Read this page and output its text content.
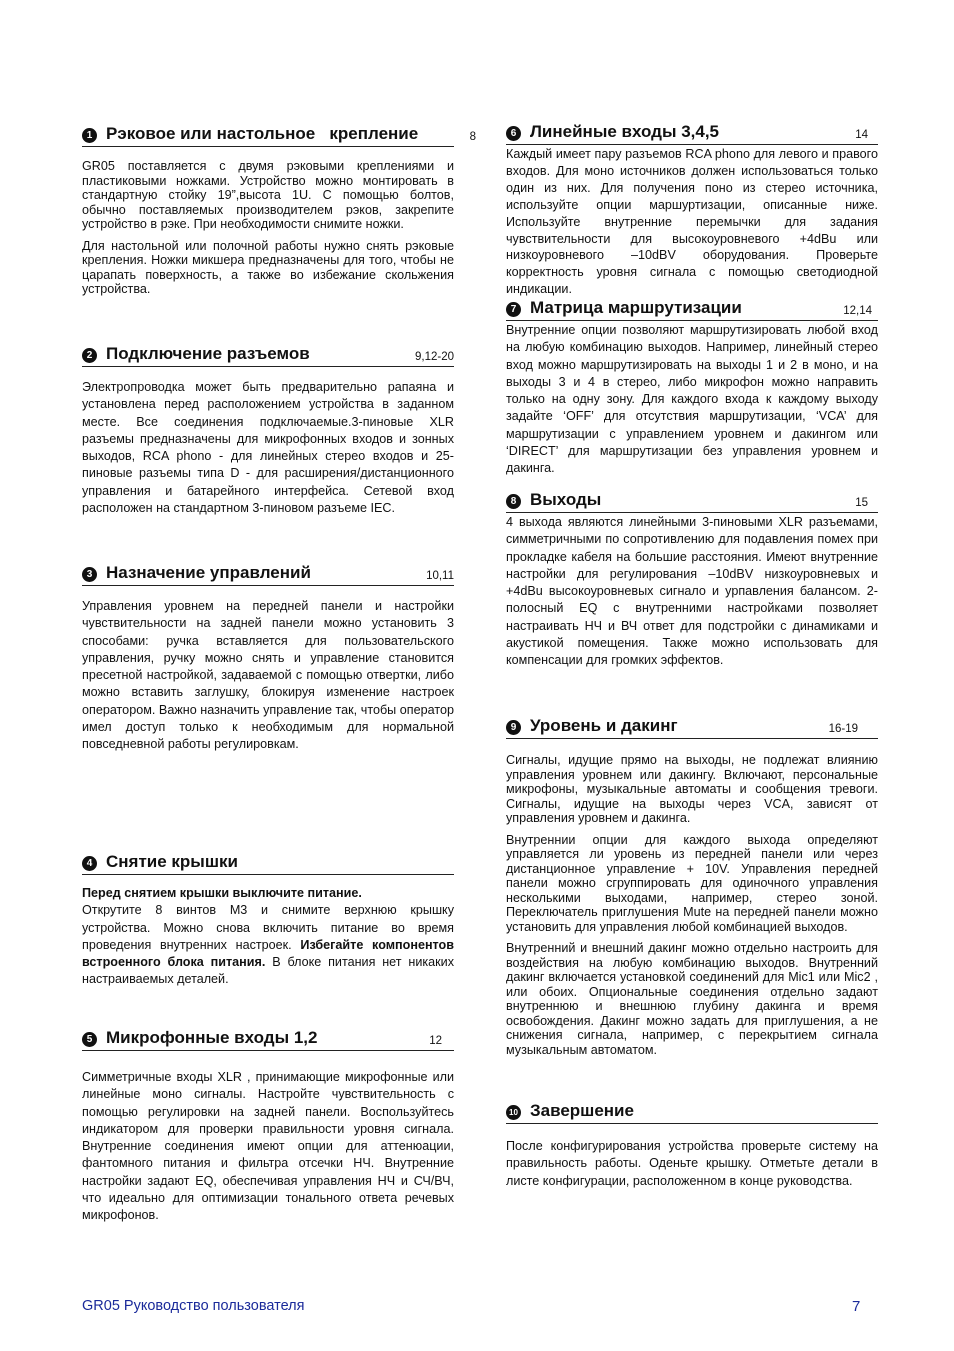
1 Рэковое или настольное   крепление	8

GR05 поставляется с двумя рэковыми креплениями и пластиковыми ножками. Устройство можно монтировать в стандартную стойку 19”,высота 1U. С помощью болтов, обычно поставляемых производителем рэков, закрепите устройство в рэке. При необходимости снимите ножки.

Для настольной или полочной работы нужно снять рэковые крепления. Ножки микшера предназначены для того, чтобы не царапать поверхность, а также во избежание скольжения устройства.

2 Подключение разъемов	9,12-20

Электропроводка может быть предварительно рапаяна и установлена перед расположением устройства в заданном месте. Все соединения подключаемые.3-пиновые XLR разъемы предназначены для микрофонных входов и зонных выходов, RCA phono - для линейных стерео входов и 25-пиновые разъемы типа D - для расширения/дистанционного управления и батарейного интерфейса. Сетевой вход расположен на стандартном 3-пиновом разъеме IEC.

3 Назначение управлений	10,11

Управления уровнем на передней панели и настройки чувствительности на задней панели можно установить 3 способами: ручка вставляется для пользовательского управления, ручку можно снять и управление становится пресетной настройкой, задаваемой с помощью отвертки, либо можно вставить заглушку, блокируя изменение настроек оператором. Важно назначить управление так, чтобы оператор имел доступ только к необходимым для нормальной повседневной работы регулировкам.

4 Снятие крышки

Перед снятием крышки выключите питание.
Открутите 8 винтов M3 и снимите верхнюю крышку устройства. Можно снова включить питание во время проведения внутренних настроек. Избегайте компонентов встроенного блока питания. В блоке питания нет никаких настраиваемых деталей.

5 Микрофонные входы 1,2	12

Симметричные входы XLR , принимающие микрофонные или линейные моно сигналы. Настройте чувствительность с помощью регулировки на задней панели. Воспользуйтесь индикатором для проверки правильности уровня сигнала. Внутренние соединения имеют опции для аттенюации, фантомного питания и фильтра отсечки НЧ. Внутренние настройки задают EQ, обеспечивая управления НЧ и СЧ/ВЧ, что идеально для оптимизации тонального ответа речевых микрофонов.

6 Линейные входы 3,4,5	14

Каждый имеет пару разъемов RCA phono для левого и правого входов. Для моно источников должен использоваться только один из них. Для получения поно из стерео источника, используйте опции маршуртизации, описанные ниже. Используйте внутренние перемычки для задания чувствительности для высокоуровневого +4dBu или низкоуровневого –10dBV оборудования. Проверьте корректность уровня сигнала с помощью светодиодной индикации.

7 Матрица маршрутизации	12,14

Внутренние опции позволяют маршрутизировать любой вход на любую комбинацию выходов. Например, линейный стерео вход можно маршрутизировать на выходы 1 и 2 в моно, и на выходы 3 и 4 в стерео, либо микрофон можно направить только на одну зону. Для каждого входа к каждому выходу задайте ‘OFF’ для отсутствия маршрутизации, ‘VCA’ для маршрутизации с управлением уровнем и дакингом или ‘DIRECT’ для маршрутизации без управления уровнем и дакинга.

8 Выходы	15

4 выхода являются линейными 3-пиновыми XLR разъемами, симметричными по сопротивлению для подавления помех при прокладке кабеля на большие расстояния. Имеют внутренние настройки для регулирования –10dBV низкоуровневых и +4dBu высокоуровневых сигнало и урпавления балансом. 2-полосный EQ с внутренними настройками позволяет настраивать НЧ и ВЧ ответ для подстройки с динамиками и акустикой помещения. Также можно использовать для компенсации для громких эффектов.

9 Уровень и дакинг	16-19

Сигналы, идущие прямо на выходы, не подлежат влиянию управления уровнем или дакингу. Включают, персональные микрофоны, музыкальные автоматы и сообщения тревоги. Сигналы, идущие на выходы через VCA, зависят от управления уровнем и дакинга.

Внутреннии опции для каждого выхода определяют управляется ли уровень из передней панели или через дистанционное управление + 10V. Управления передней панели можно сгруппировать для одиночного управления несколькими выходами, например, стерео зоной. Переключатель приглушения Mute на передней панели можно установить для управления любой комбинацией выходов.

Внутренний и внешний дакинг можно отдельно настроить для воздействия на любую комбинацию выходов. Внутренний дакинг включается установкой соединений для Mic1 или Mic2 , или обоих. Опциональные соединения отдельно задают внутреннюю и внешнюю глубину дакинга и время освобождения. Дакинг можно задать для приглушения, а не снижения сигнала, например, с перекрытием сигнала музыкальным автоматом.

10 Завершение

После конфигурирования устройства проверьте систему на правильность работы. Оденьте крышку. Отметьте детали в листе конфигурации, расположенном в конце руководства.

GR05 Руководство пользователя	7
